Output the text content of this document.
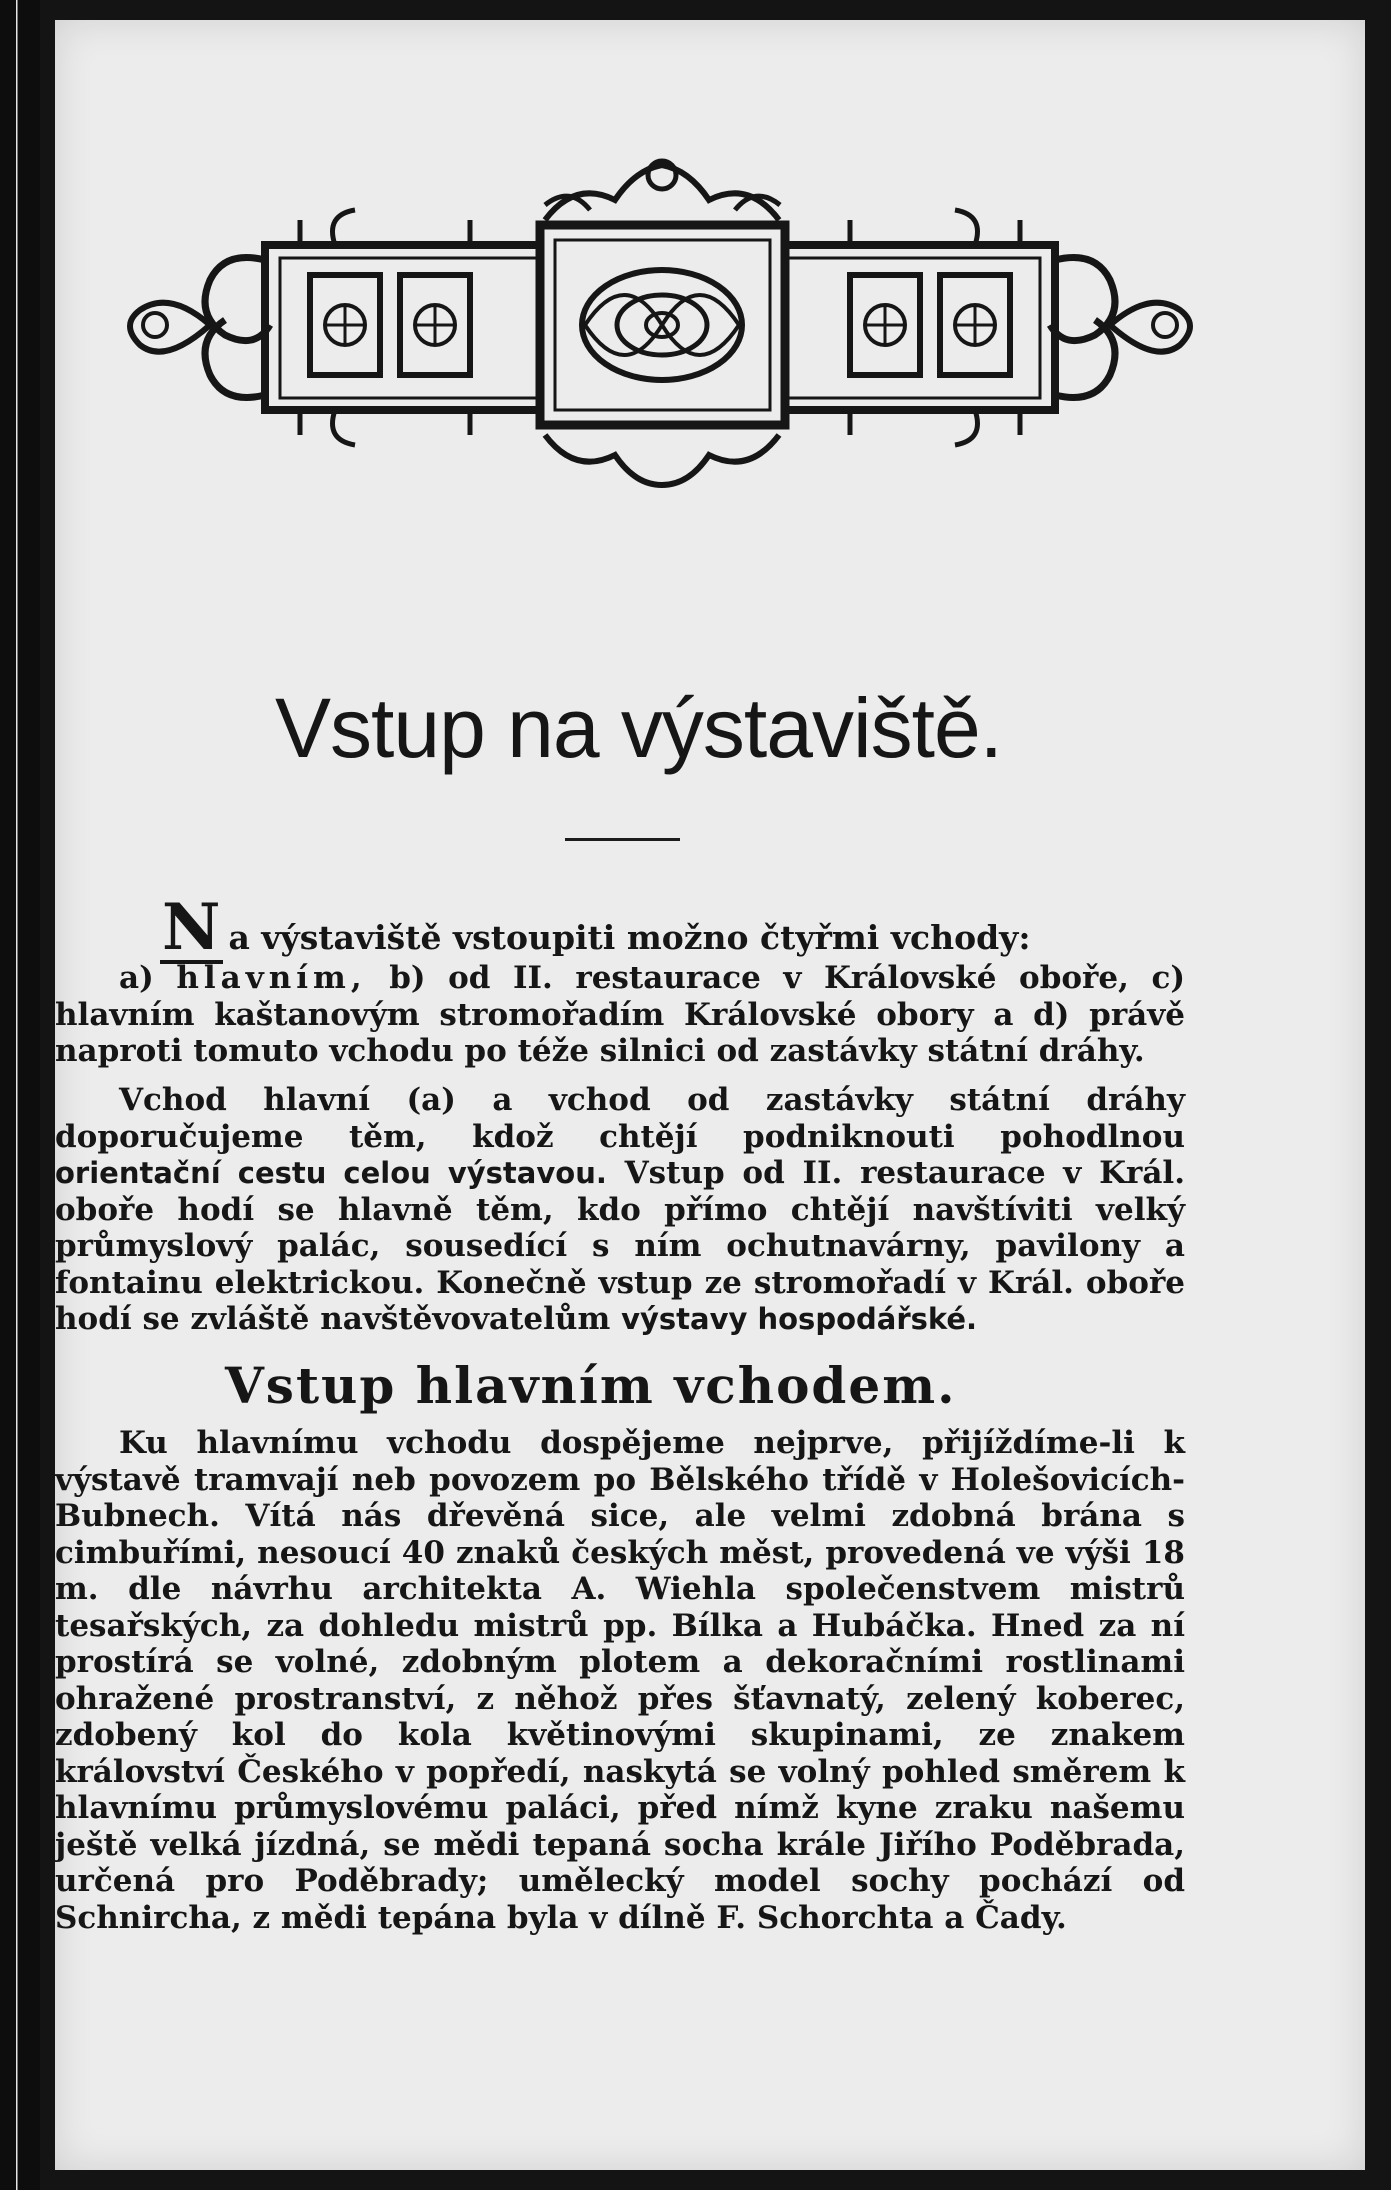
Vstup na výstaviště.
N a výstaviště vstoupiti možno čtyřmi vchody:

a) hlavním, b) od II. restaurace v Královské oboře, c) hlavním kaštanovým stromořadím Královské obory a d) právě naproti tomuto vchodu po téže silnici od zastávky státní dráhy.

Vchod hlavní (a) a vchod od zastávky státní dráhy doporučujeme těm, kdož chtějí podniknouti pohodlnou orientační cestu celou výstavou. Vstup od II. restaurace v Král. oboře hodí se hlavně těm, kdo přímo chtějí navštíviti velký průmyslový palác, sousedící s ním ochutnavárny, pavilony a fontainu elektrickou. Konečně vstup ze stromořadí v Král. oboře hodí se zvláště navštěvovatelům výstavy hospodářské.

Vstup hlavním vchodem.

Ku hlavnímu vchodu dospějeme nejprve, přijíždíme-li k výstavě tramvají neb povozem po Bělského třídě v Holešovicích-Bubnech. Vítá nás dřevěná sice, ale velmi zdobná brána s cimbuřími, nesoucí 40 znaků českých měst, provedená ve výši 18 m. dle návrhu architekta A. Wiehla společenstvem mistrů tesařských, za dohledu mistrů pp. Bílka a Hubáčka. Hned za ní prostírá se volné, zdobným plotem a dekoračními rostlinami ohražené prostranství, z něhož přes šťavnatý, zelený koberec, zdobený kol do kola květinovými skupinami, ze znakem království Českého v popředí, naskytá se volný pohled směrem k hlavnímu průmyslovému paláci, před nímž kyne zraku našemu ještě velká jízdná, se mědi tepaná socha krále Jiřího Poděbrada, určená pro Poděbrady; umělecký model sochy pochází od Schnircha, z mědi tepána byla v dílně F. Schorchta a Čady.
